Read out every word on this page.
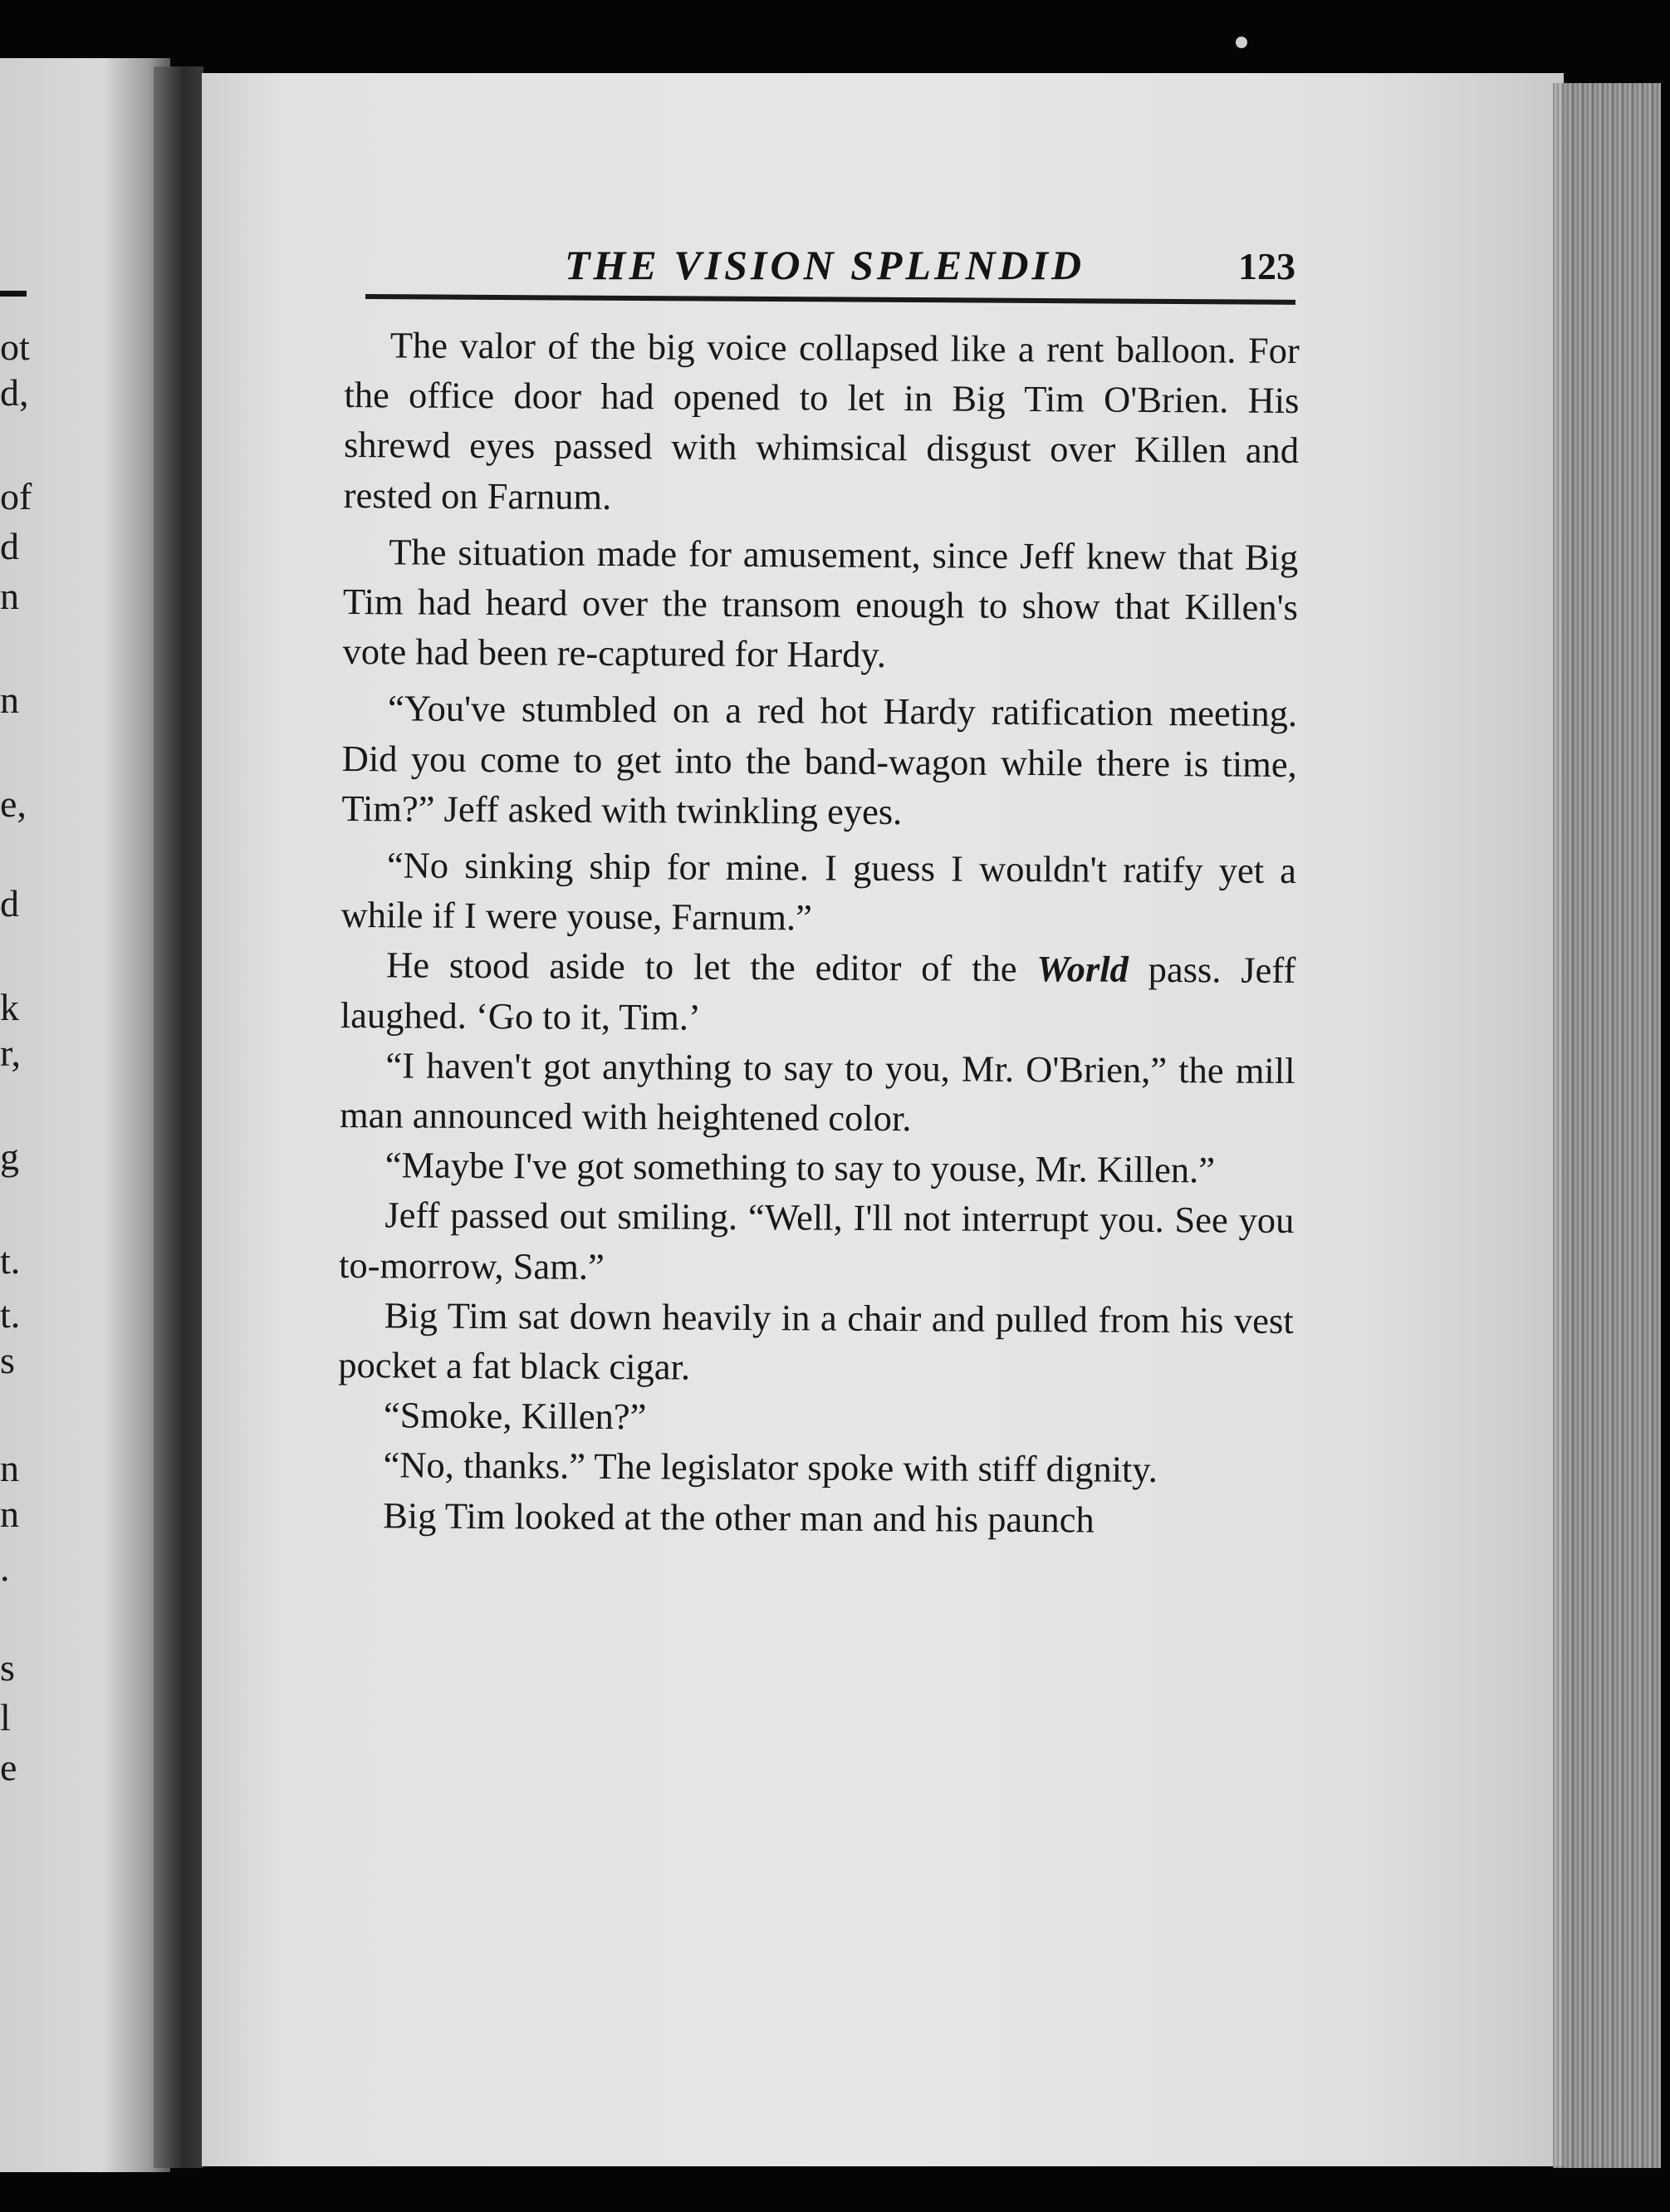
ot
d,
of
d
n
n
e,
d
k
r,
g
t.
t.
s
n
n
.
s
l
e
THE VISION SPLENDID	123

The valor of the big voice collapsed like a rent balloon. For the office door had opened to let in Big Tim O'Brien. His shrewd eyes passed with whimsical disgust over Killen and rested on Farnum.

The situation made for amusement, since Jeff knew that Big Tim had heard over the transom enough to show that Killen's vote had been re-captured for Hardy.

“You've stumbled on a red hot Hardy ratification meeting. Did you come to get into the band-wagon while there is time, Tim?” Jeff asked with twinkling eyes.

“No sinking ship for mine. I guess I wouldn't ratify yet a while if I were youse, Farnum.”

He stood aside to let the editor of the World pass. Jeff laughed. ‘Go to it, Tim.’

“I haven't got anything to say to you, Mr. O'Brien,” the mill man announced with heightened color.

“Maybe I've got something to say to youse, Mr. Killen.”

Jeff passed out smiling. “Well, I'll not interrupt you. See you to-morrow, Sam.”

Big Tim sat down heavily in a chair and pulled from his vest pocket a fat black cigar.

“Smoke, Killen?”

“No, thanks.” The legislator spoke with stiff dignity.

Big Tim looked at the other man and his paunch
